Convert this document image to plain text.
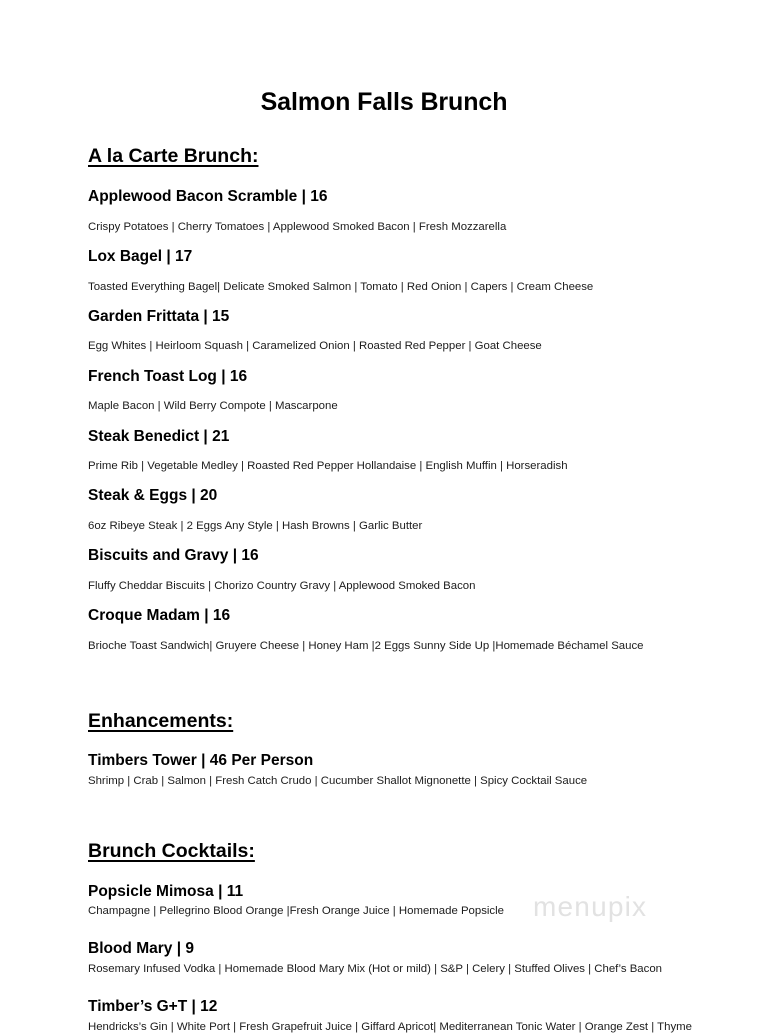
Salmon Falls Brunch
A la Carte Brunch:

Applewood Bacon Scramble | 16

Crispy Potatoes | Cherry Tomatoes | Applewood Smoked Bacon | Fresh Mozzarella

Lox Bagel | 17

Toasted Everything Bagel| Delicate Smoked Salmon | Tomato | Red Onion | Capers | Cream Cheese

Garden Frittata | 15

Egg Whites | Heirloom Squash | Caramelized Onion | Roasted Red Pepper | Goat Cheese

French Toast Log | 16

Maple Bacon | Wild Berry Compote | Mascarpone

Steak Benedict | 21

Prime Rib | Vegetable Medley | Roasted Red Pepper Hollandaise | English Muffin | Horseradish

Steak & Eggs | 20

6oz Ribeye Steak | 2 Eggs Any Style | Hash Browns | Garlic Butter

Biscuits and Gravy | 16

Fluffy Cheddar Biscuits | Chorizo Country Gravy | Applewood Smoked Bacon

Croque Madam | 16

Brioche Toast Sandwich| Gruyere Cheese | Honey Ham |2 Eggs Sunny Side Up |Homemade Béchamel Sauce

Enhancements:

Timbers Tower | 46 Per Person

Shrimp | Crab | Salmon | Fresh Catch Crudo | Cucumber Shallot Mignonette | Spicy Cocktail Sauce

Brunch Cocktails:

Popsicle Mimosa | 11

Champagne | Pellegrino Blood Orange |Fresh Orange Juice | Homemade Popsicle

Blood Mary | 9

Rosemary Infused Vodka | Homemade Blood Mary Mix (Hot or mild) | S&P | Celery | Stuffed Olives | Chef’s Bacon

Timber’s G+T | 12

Hendricks’s Gin | White Port | Fresh Grapefruit Juice | Giffard Apricot| Mediterranean Tonic Water | Orange Zest | Thyme

menupix
